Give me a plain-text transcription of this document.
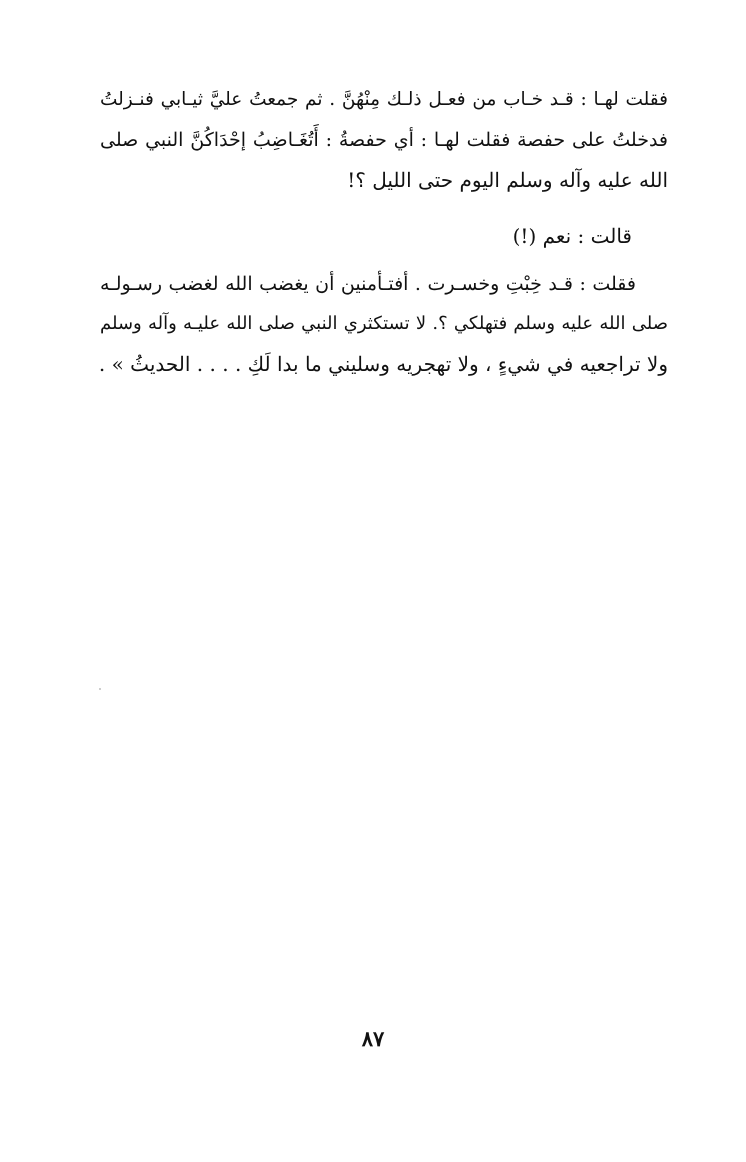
فقلت لهـا : قـد خـاب من فعـل ذلـك مِنْهُنَّ . ثم جمعتُ عليَّ ثيـابي فنـزلتُ
فدخلتُ على حفصة فقلت لهـا : أي حفصةُ : أَتُغَـاضِبُ إحْدَاكُنَّ النبي صلى
الله عليه وآله وسلم اليوم حتى الليل ؟!
قالت : نعم (!)
فقلت : قـد خِبْتِ وخسـرت . أفتـأمنين أن يغضب الله لغضب رسـولـه
صلى الله عليه وسلم فتهلكي ؟. لا تستكثري النبي صلى الله عليـه وآله وسلم
ولا تراجعيه في شيءٍ ، ولا تهجريه وسليني ما بدا لَكِ . . . . الحديثُ » .
٨٧
